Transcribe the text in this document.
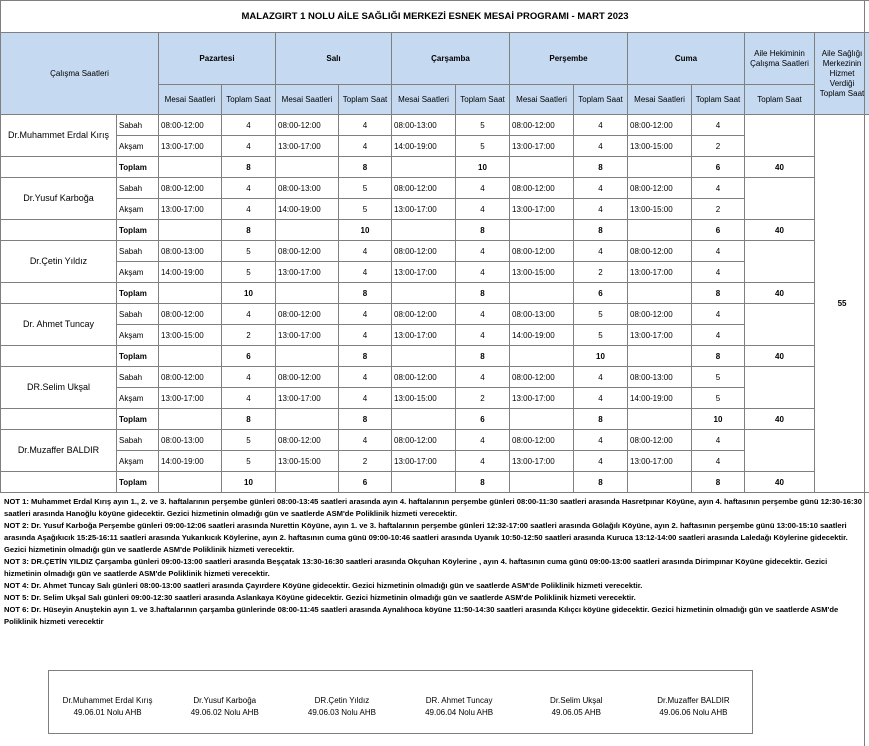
MALAZGIRT 1 NOLU AİLE SAĞLIĞI MERKEZİ ESNEK MESAİ PROGRAMI - MART 2023													
Çalışma Saatleri		Pazartesi		Salı		Çarşamba		Perşembe		Cuma		Aile Hekiminin Çalışma Saatleri	Aile Sağlığı Merkezinin Hizmet Verdiği Toplam Saat
		Mesai Saatleri	Toplam Saat	Mesai Saatleri	Toplam Saat	Mesai Saatleri	Toplam Saat	Mesai Saatleri	Toplam Saat	Mesai Saatleri	Toplam Saat	Toplam Saat	
Dr.Muhammet Erdal Kırış	Sabah	08:00-12:00	4	08:00-12:00	4	08:00-13:00	5	08:00-12:00	4	08:00-12:00	4		55
	Akşam	13:00-17:00	4	13:00-17:00	4	14:00-19:00	5	13:00-17:00	4	13:00-15:00	2		
	Toplam		8		8		10		8		6	40	
Dr.Yusuf Karboğa	Sabah	08:00-12:00	4	08:00-13:00	5	08:00-12:00	4	08:00-12:00	4	08:00-12:00	4		
	Akşam	13:00-17:00	4	14:00-19:00	5	13:00-17:00	4	13:00-17:00	4	13:00-15:00	2		
	Toplam		8		10		8		8		6	40	
Dr.Çetin Yıldız	Sabah	08:00-13:00	5	08:00-12:00	4	08:00-12:00	4	08:00-12:00	4	08:00-12:00	4		
	Akşam	14:00-19:00	5	13:00-17:00	4	13:00-17:00	4	13:00-15:00	2	13:00-17:00	4		
	Toplam		10		8		8		6		8	40	
Dr. Ahmet Tuncay	Sabah	08:00-12:00	4	08:00-12:00	4	08:00-12:00	4	08:00-13:00	5	08:00-12:00	4		
	Akşam	13:00-15:00	2	13:00-17:00	4	13:00-17:00	4	14:00-19:00	5	13:00-17:00	4		
	Toplam		6		8		8		10		8	40	
DR.Selim Ukşal	Sabah	08:00-12:00	4	08:00-12:00	4	08:00-12:00	4	08:00-12:00	4	08:00-13:00	5		
	Akşam	13:00-17:00	4	13:00-17:00	4	13:00-15:00	2	13:00-17:00	4	14:00-19:00	5		
	Toplam		8		8		6		8		10	40	
Dr.Muzaffer BALDIR	Sabah	08:00-13:00	5	08:00-12:00	4	08:00-12:00	4	08:00-12:00	4	08:00-12:00	4		
	Akşam	14:00-19:00	5	13:00-15:00	2	13:00-17:00	4	13:00-17:00	4	13:00-17:00	4		
	Toplam		10		6		8		8		8	40	

NOT 1: Muhammet Erdal Kırış ayın 1., 2. ve 3. haftalarının perşembe günleri 08:00-13:45 saatleri arasında ayın 4. haftalarının perşembe günleri 08:00-11:30 saatleri arasında Hasretpınar Köyüne, ayın 4. haftasının perşembe günü 12:30-16:30 saatleri arasında Hanoğlu köyüne gidecektir. Gezici hizmetinin olmadığı gün ve saatlerde ASM'de Poliklinik hizmeti verecektir.

NOT 2: Dr. Yusuf Karboğa Perşembe günleri 09:00-12:06 saatleri arasında Nurettin Köyüne, ayın 1. ve 3. haftalarının perşembe günleri 12:32-17:00 saatleri arasında Gölağılı Köyüne, ayın 2. haftasının perşembe günü 13:00-15:10 saatleri arasında Aşağıkıcık 15:25-16:11 saatleri arasında Yukarıkıcık Köylerine, ayın 2. haftasının cuma günü 09:00-10:46 saatleri arasında Uyanık 10:50-12:50 saatleri arasında Kuruca 13:12-14:00 saatleri arasında Laledağı Köylerine gidecektir. Gezici hizmetinin olmadığı gün ve saatlerde ASM'de Poliklinik hizmeti verecektir.

NOT 3: DR.ÇETİN YILDIZ Çarşamba günleri 09:00-13:00 saatleri arasında Beşçatak 13:30-16:30 saatleri arasında Okçuhan Köylerine , ayın 4. haftasının cuma günü 09:00-13:00 saatleri arasında Dirimpınar Köyüne gidecektir. Gezici hizmetinin olmadığı gün ve saatlerde ASM'de Poliklinik hizmeti verecektir.

NOT 4: Dr. Ahmet Tuncay Salı günleri 08:00-13:00 saatleri arasında Çayırdere Köyüne gidecektir. Gezici hizmetinin olmadığı gün ve saatlerde ASM'de Poliklinik hizmeti verecektir.

NOT 5: Dr. Selim Ukşal Salı günleri 09:00-12:30 saatleri arasında Aslankaya Köyüne gidecektir. Gezici hizmetinin olmadığı gün ve saatlerde ASM'de Poliklinik hizmeti verecektir.

NOT 6: Dr. Hüseyin Anuştekin ayın 1. ve 3.haftalarının çarşamba günlerinde 08:00-11:45 saatleri arasında Aynalıhoca köyüne 11:50-14:30 saatleri arasında Kılıçcı köyüne gidecektir. Gezici hizmetinin olmadığı gün ve saatlerde ASM'de Poliklinik hizmeti verecektir

Dr.Muhammet Erdal Kırış
49.06.01 Nolu AHB
Dr.Yusuf Karboğa
49.06.02 Nolu AHB
DR.Çetin Yıldız
49.06.03 Nolu AHB
DR. Ahmet Tuncay
49.06.04 Nolu AHB
Dr.Selim Ukşal
49.06.05 AHB
Dr.Muzaffer BALDIR
49.06.06 Nolu AHB
